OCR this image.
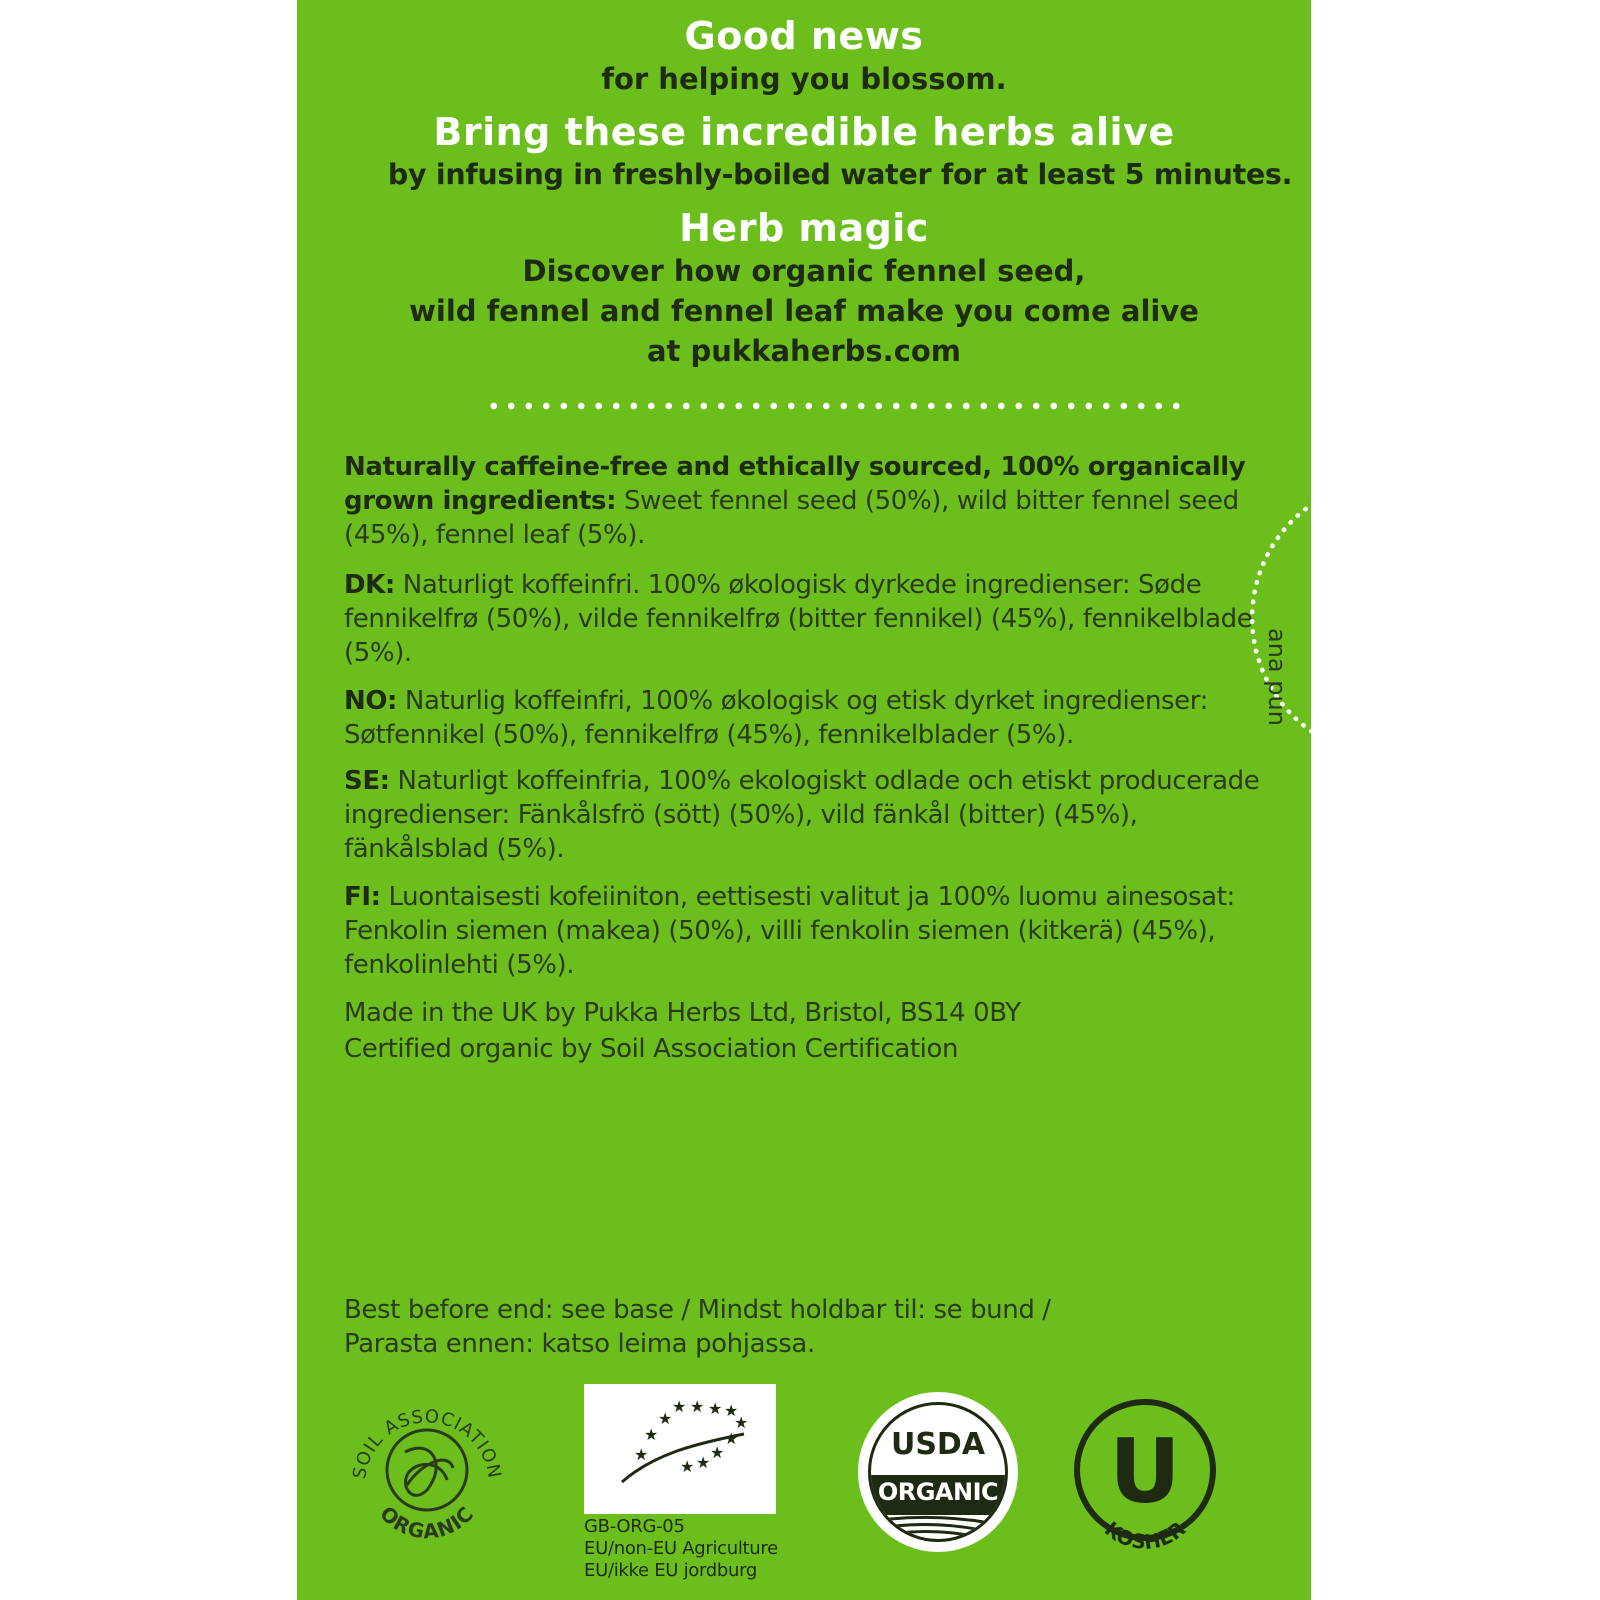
Good news
for helping you blossom.
Bring these incredible herbs alive
by infusing in freshly-boiled water for at least 5 minutes.
Herb magic
Discover how organic fennel seed,
wild fennel and fennel leaf make you come alive
at pukkaherbs.com
Naturally caffeine-free and ethically sourced, 100% organically grown ingredients: Sweet fennel seed (50%), wild bitter fennel seed (45%), fennel leaf (5%).
DK: Naturligt koffeinfri. 100% økologisk dyrkede ingredienser: Søde fennikelfrø (50%), vilde fennikelfrø (bitter fennikel) (45%), fennikelblade (5%).
NO: Naturlig koffeinfri, 100% økologisk og etisk dyrket ingredienser: Søtfennikel (50%), fennikelfrø (45%), fennikelblader (5%).
SE: Naturligt koffeinfria, 100% ekologiskt odlade och etiskt producerade ingredienser: Fänkålsfrö (sött) (50%), vild fänkål (bitter) (45%), fänkålsblad (5%).
FI: Luontaisesti kofeiiniton, eettisesti valitut ja 100% luomu ainesosat: Fenkolin siemen (makea) (50%), villi fenkolin siemen (kitkerä) (45%), fenkolinlehti (5%).
Made in the UK by Pukka Herbs Ltd, Bristol, BS14 0BY
Certified organic by Soil Association Certification
Best before end: see base / Mindst holdbar til: se bund /
Parasta ennen: katso leima pohjassa.
ana pun
SOIL ASSOCIATION
ORGANIC
★ ★ ★ ★
★	★
★	★
★	★
★ ★
GB-ORG-05
EU/non-EU Agriculture
EU/ikke EU jordburg
USDA
ORGANIC U
KOSHER
